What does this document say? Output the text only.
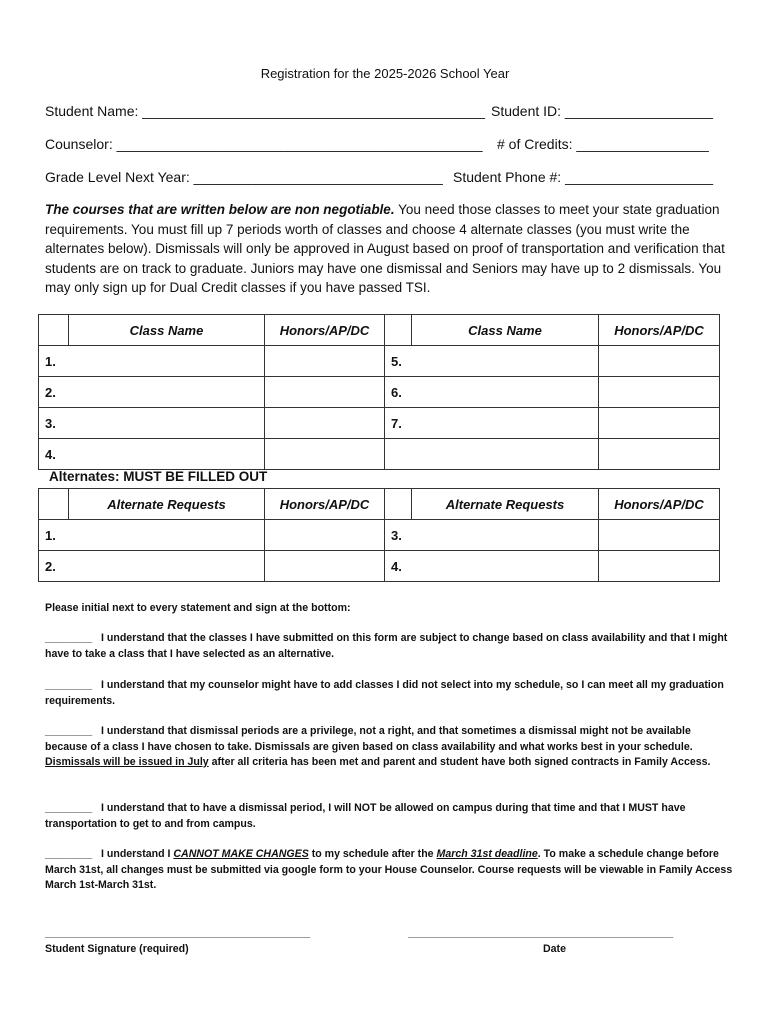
Registration for the 2025-2026 School Year
Student Name: ____________________________________________ Student ID: ___________________
Counselor: _______________________________________________ # of Credits: _________________
Grade Level Next Year: ________________________________ Student Phone #: ___________________
The courses that are written below are non negotiable. You need those classes to meet your state graduation requirements. You must fill up 7 periods worth of classes and choose 4 alternate classes (you must write the alternates below). Dismissals will only be approved in August based on proof of transportation and verification that students are on track to graduate. Juniors may have one dismissal and Seniors may have up to 2 dismissals. You may only sign up for Dual Credit classes if you have passed TSI.
	Class Name	Honors/AP/DC		Class Name	Honors/AP/DC
1.			5.		
2.			6.		
3.			7.		
4.					
Alternates: MUST BE FILLED OUT
	Alternate Requests	Honors/AP/DC		Alternate Requests	Honors/AP/DC
1.			3.		
2.			4.		

Please initial next to every statement and sign at the bottom:

________ I understand that the classes I have submitted on this form are subject to change based on class availability and that I might have to take a class that I have selected as an alternative.

________ I understand that my counselor might have to add classes I did not select into my schedule, so I can meet all my graduation requirements.

________ I understand that dismissal periods are a privilege, not a right, and that sometimes a dismissal might not be available because of a class I have chosen to take. Dismissals are given based on class availability and what works best in your schedule. Dismissals will be issued in July after all criteria has been met and parent and student have both signed contracts in Family Access.

________ I understand that to have a dismissal period, I will NOT be allowed on campus during that time and that I MUST have transportation to get to and from campus.

________ I understand I CANNOT MAKE CHANGES to my schedule after the March 31st deadline. To make a schedule change before March 31st, all changes must be submitted via google form to your House Counselor. Course requests will be viewable in Family Access March 1st-March 31st.

_____________________________________________
Student Signature (required)
_____________________________________________
Date
